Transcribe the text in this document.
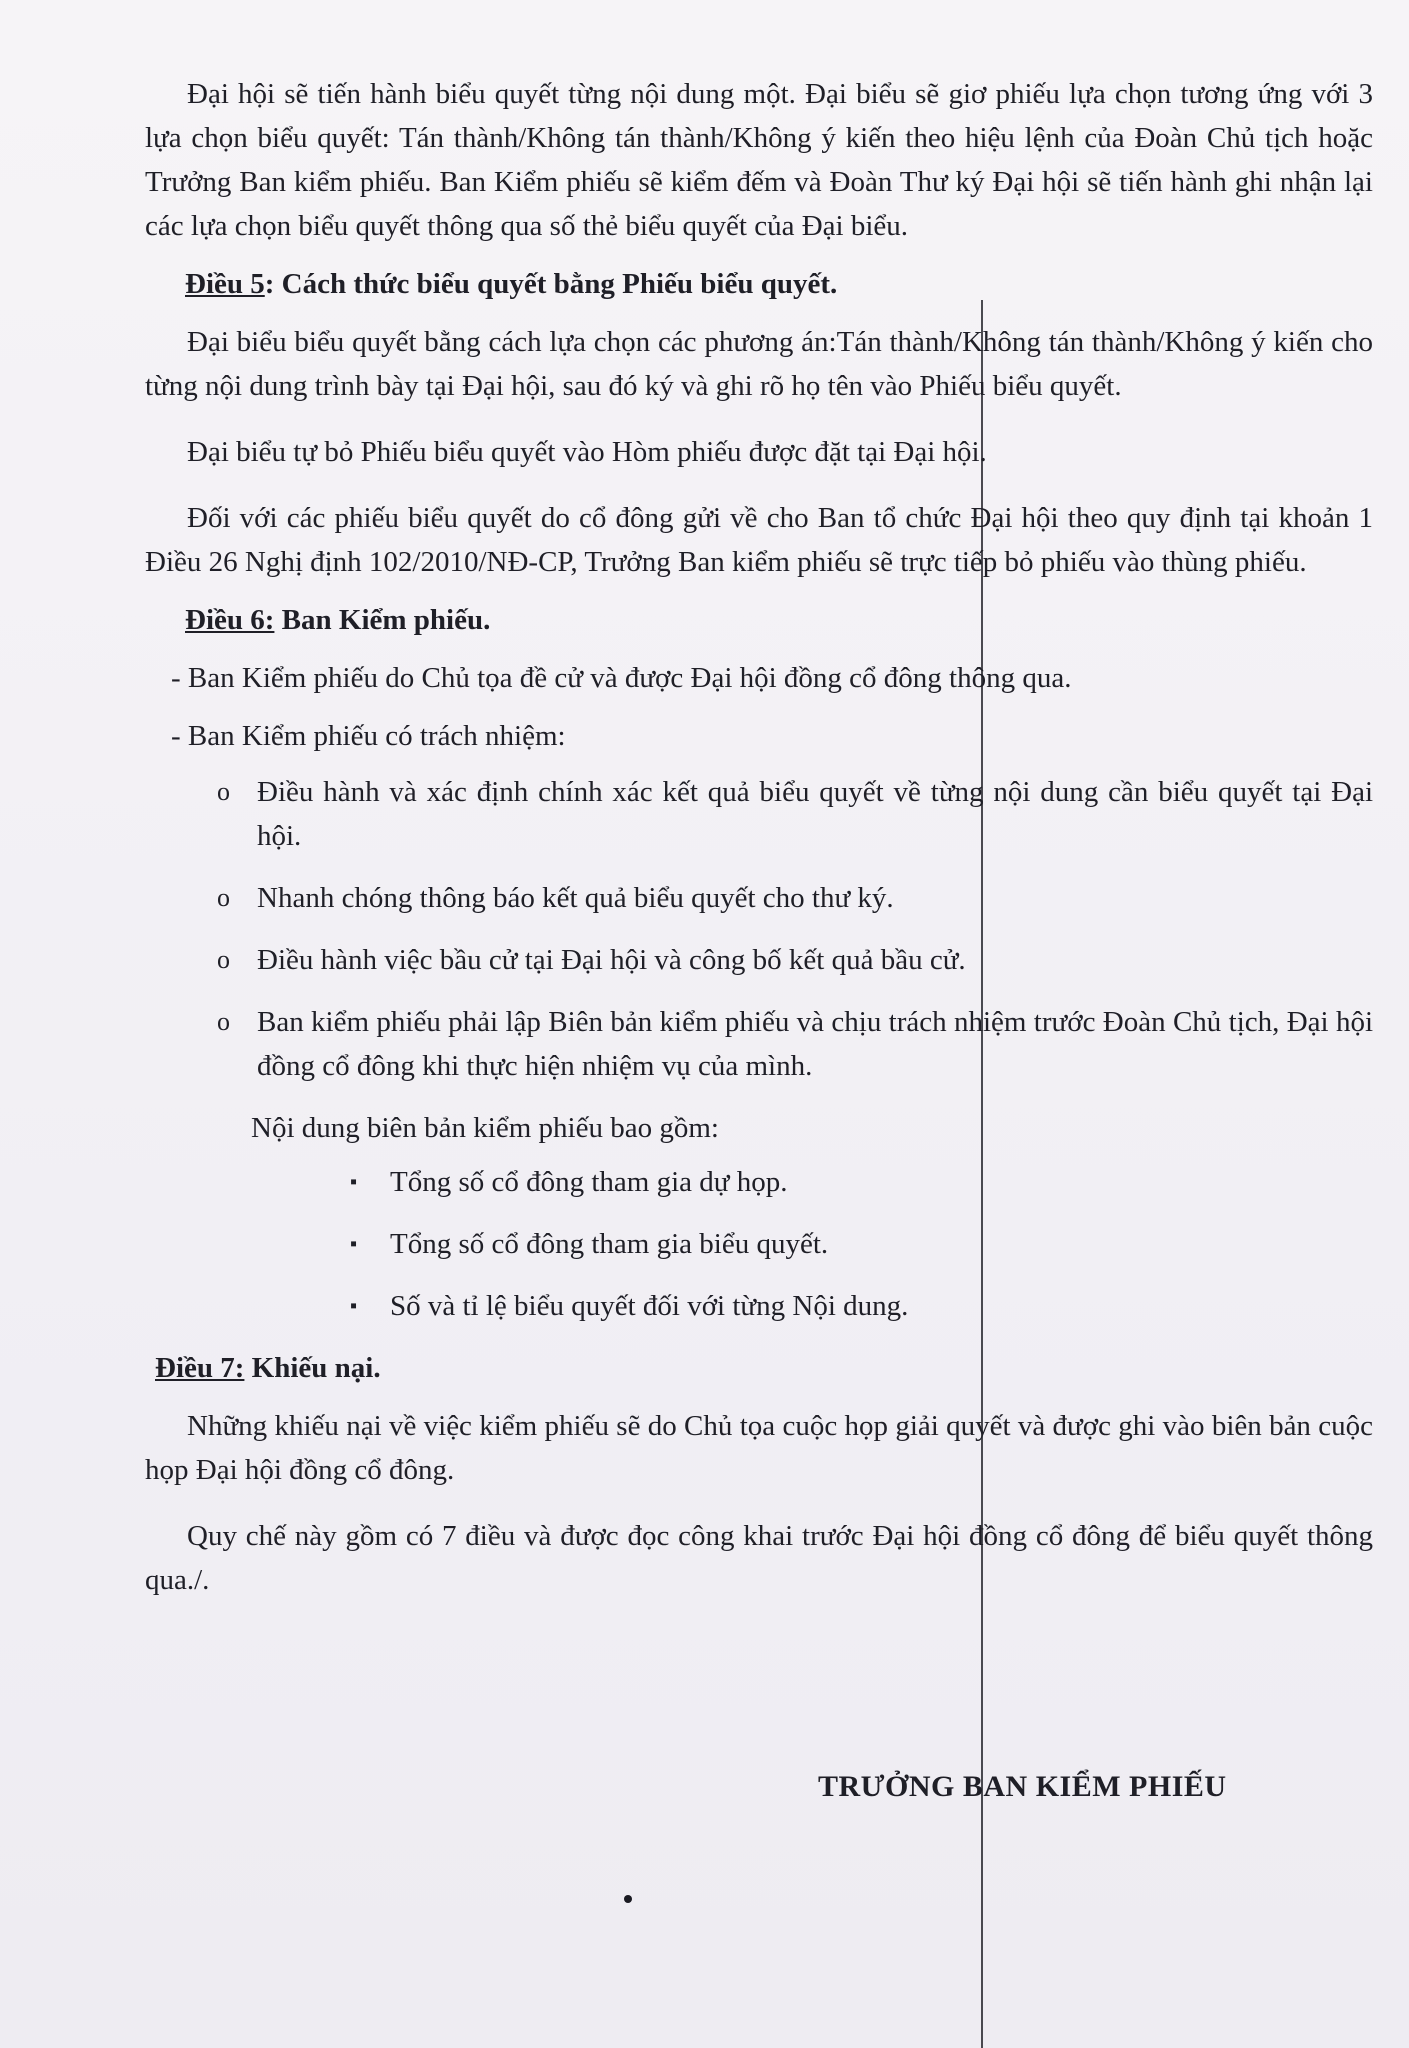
Đại hội sẽ tiến hành biểu quyết từng nội dung một. Đại biểu sẽ giơ phiếu lựa chọn tương ứng với 3 lựa chọn biểu quyết: Tán thành/Không tán thành/Không ý kiến theo hiệu lệnh của Đoàn Chủ tịch hoặc Trưởng Ban kiểm phiếu. Ban Kiểm phiếu sẽ kiểm đếm và Đoàn Thư ký Đại hội sẽ tiến hành ghi nhận lại các lựa chọn biểu quyết thông qua số thẻ biểu quyết của Đại biểu.

Điều 5: Cách thức biểu quyết bằng Phiếu biểu quyết.

Đại biểu biểu quyết bằng cách lựa chọn các phương án:Tán thành/Không tán thành/Không ý kiến cho từng nội dung trình bày tại Đại hội, sau đó ký và ghi rõ họ tên vào Phiếu biểu quyết.

Đại biểu tự bỏ Phiếu biểu quyết vào Hòm phiếu được đặt tại Đại hội.

Đối với các phiếu biểu quyết do cổ đông gửi về cho Ban tổ chức Đại hội theo quy định tại khoản 1 Điều 26 Nghị định 102/2010/NĐ-CP, Trưởng Ban kiểm phiếu sẽ trực tiếp bỏ phiếu vào thùng phiếu.

Điều 6: Ban Kiểm phiếu.

- Ban Kiểm phiếu do Chủ tọa đề cử và được Đại hội đồng cổ đông thông qua.

- Ban Kiểm phiếu có trách nhiệm:

o Điều hành và xác định chính xác kết quả biểu quyết về từng nội dung cần biểu quyết tại Đại hội.
o Nhanh chóng thông báo kết quả biểu quyết cho thư ký.
o Điều hành việc bầu cử tại Đại hội và công bố kết quả bầu cử.
o Ban kiểm phiếu phải lập Biên bản kiểm phiếu và chịu trách nhiệm trước Đoàn Chủ tịch, Đại hội đồng cổ đông khi thực hiện nhiệm vụ của mình.

Nội dung biên bản kiểm phiếu bao gồm:

▪ Tổng số cổ đông tham gia dự họp.
▪ Tổng số cổ đông tham gia biểu quyết.
▪ Số và tỉ lệ biểu quyết đối với từng Nội dung.

Điều 7: Khiếu nại.

Những khiếu nại về việc kiểm phiếu sẽ do Chủ tọa cuộc họp giải quyết và được ghi vào biên bản cuộc họp Đại hội đồng cổ đông.

Quy chế này gồm có 7 điều và được đọc công khai trước Đại hội đồng cổ đông để biểu quyết thông qua./.

TRƯỞNG BAN KIỂM PHIẾU
